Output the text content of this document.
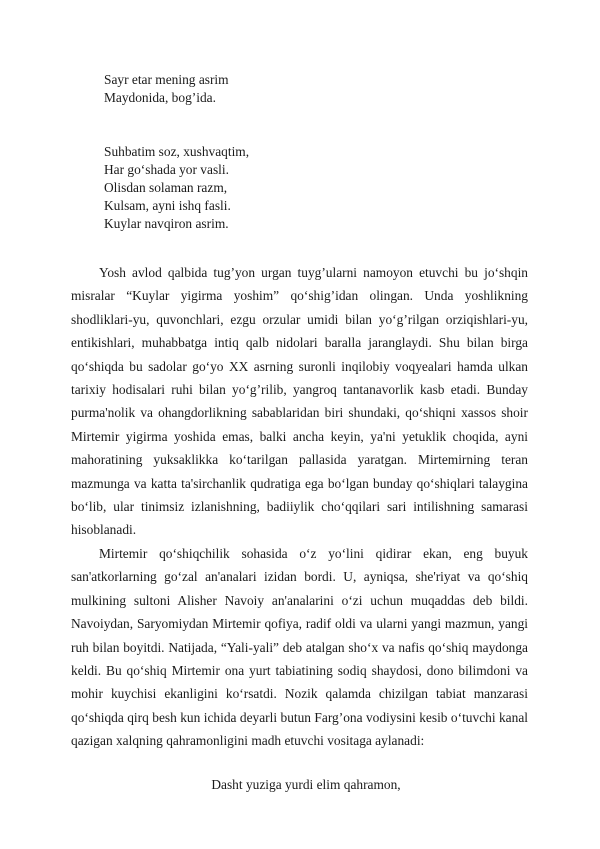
Sayr etar mening asrim

Maydonida, bog’ida.

Suhbatim soz, xushvaqtim,

Har go‘shada yor vasli.

Olisdan solaman razm,

Kulsam, ayni ishq fasli.

Kuylar navqiron asrim.

Yosh avlod qalbida tug’yon urgan tuyg’ularni namoyon etuvchi bu jo‘shqin misralar “Kuylar yigirma yoshim” qo‘shig’idan olingan. Unda yoshlikning shodliklari-yu, quvonchlari, ezgu orzular umidi bilan yo‘g’rilgan orziqishlari-yu, entikishlari, muhabbatga intiq qalb nidolari baralla jaranglaydi. Shu bilan birga qo‘shiqda bu sadolar go‘yo XX asrning suronli inqilobiy voqyealari hamda ulkan tarixiy hodisalari ruhi bilan yo‘g’rilib, yangroq tantanavorlik kasb etadi. Bunday purma'nolik va ohangdorlikning sabablaridan biri shundaki, qo‘shiqni xassos shoir Mirtemir yigirma yoshida emas, balki ancha keyin, ya'ni yetuklik choqida, ayni mahoratining yuksaklikka ko‘tarilgan pallasida yaratgan. Mirtemirning teran mazmunga va katta ta'sirchanlik qudratiga ega bo‘lgan bunday qo‘shiqlari talaygina bo‘lib, ular tinimsiz izlanishning, badiiylik cho‘qqilari sari intilishning samarasi hisoblanadi.

Mirtemir qo‘shiqchilik sohasida o‘z yo‘lini qidirar ekan, eng buyuk san'atkorlarning go‘zal an'analari izidan bordi. U, ayniqsa, she'riyat va qo‘shiq mulkining sultoni Alisher Navoiy an'analarini o‘zi uchun muqaddas deb bildi. Navoiydan, Saryomiydan Mirtemir qofiya, radif oldi va ularni yangi mazmun, yangi ruh bilan boyitdi. Natijada, “Yali-yali” deb atalgan sho‘x va nafis qo‘shiq maydonga keldi. Bu qo‘shiq Mirtemir ona yurt tabiatining sodiq shaydosi, dono bilimdoni va mohir kuychisi ekanligini ko‘rsatdi. Nozik qalamda chizilgan tabiat manzarasi qo‘shiqda qirq besh kun ichida deyarli butun Farg’ona vodiysini kesib o‘tuvchi kanal qazigan xalqning qahramonligini madh etuvchi vositaga aylanadi:

Dasht yuziga yurdi elim qahramon,
